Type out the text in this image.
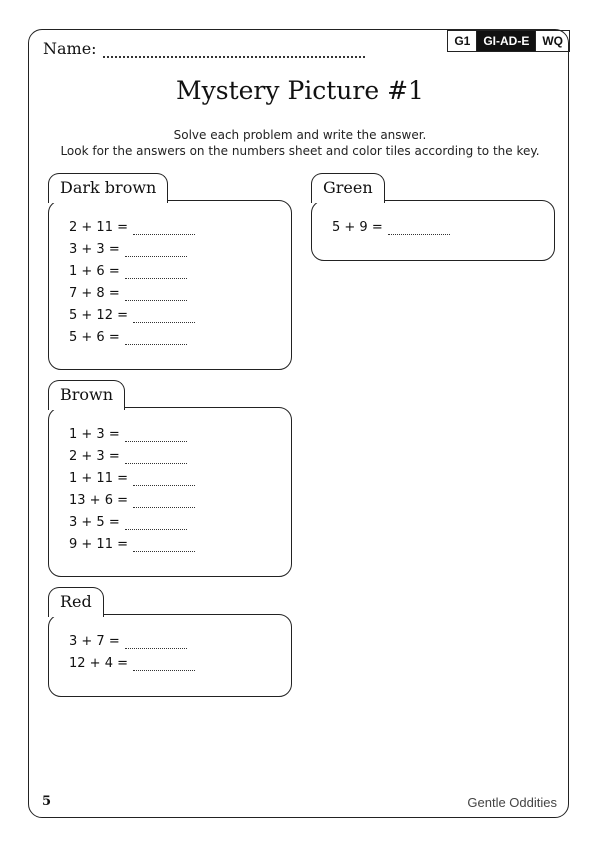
Name:	G1	GI-AD-E	WQ
Mystery Picture #1
Solve each problem and write the answer.
Look for the answers on the numbers sheet and color tiles according to the key.
Dark brown
2 + 11 =
3 + 3 =
1 + 6 =
7 + 8 =
5 + 12 =
5 + 6 =
Brown
1 + 3 =
2 + 3 =
1 + 11 =
13 + 6 =
3 + 5 =
9 + 11 =
Red
3 + 7 =
12 + 4 =
Green
5 + 9 =
5	Gentle Oddities
